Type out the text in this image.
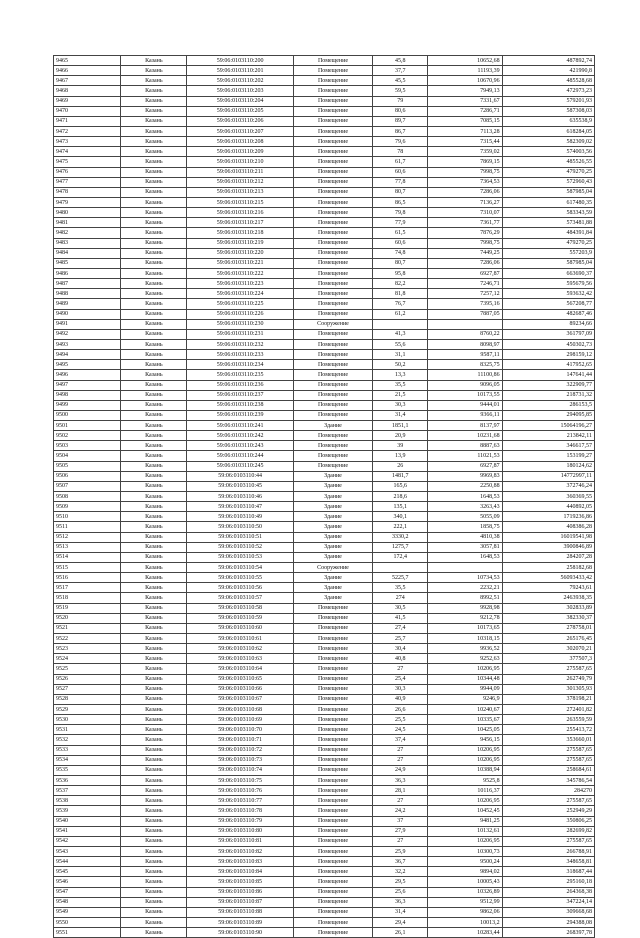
9465	Казань	59:06:0103110:200	Помещение	45,8	10652,68	487892,74
9466	Казань	59:06:0103110:201	Помещение	37,7	11193,39	421990,8
9467	Казань	59:06:0103110:202	Помещение	45,5	10670,96	485528,68
9468	Казань	59:06:0103110:203	Помещение	59,5	7949,13	472973,23
9469	Казань	59:06:0103110:204	Помещение	79	7331,67	579201,93
9470	Казань	59:06:0103110:205	Помещение	80,6	7286,71	587308,03
9471	Казань	59:06:0103110:206	Помещение	89,7	7085,15	635538,9
9472	Казань	59:06:0103110:207	Помещение	86,7	7113,28	618284,05
9473	Казань	59:06:0103110:208	Помещение	79,6	7315,44	582309,02
9474	Казань	59:06:0103110:209	Помещение	78	7359,02	574003,56
9475	Казань	59:06:0103110:210	Помещение	61,7	7869,15	485526,55
9476	Казань	59:06:0103110:211	Помещение	60,6	7998,75	479270,25
9477	Казань	59:06:0103110:212	Помещение	77,8	7364,53	572960,43
9478	Казань	59:06:0103110:213	Помещение	80,7	7286,06	587985,04
9479	Казань	59:06:0103110:215	Помещение	86,5	7136,27	617480,35
9480	Казань	59:06:0103110:216	Помещение	79,8	7310,07	583343,59
9481	Казань	59:06:0103110:217	Помещение	77,9	7361,77	573481,88
9482	Казань	59:06:0103110:218	Помещение	61,5	7876,29	484391,84
9483	Казань	59:06:0103110:219	Помещение	60,6	7998,75	479270,25
9484	Казань	59:06:0103110:220	Помещение	74,8	7449,25	557203,9
9485	Казань	59:06:0103110:221	Помещение	80,7	7286,06	587985,04
9486	Казань	59:06:0103110:222	Помещение	95,8	6927,87	663690,37
9487	Казань	59:06:0103110:223	Помещение	82,2	7246,71	595679,56
9488	Казань	59:06:0103110:224	Помещение	81,8	7257,12	593632,42
9489	Казань	59:06:0103110:225	Помещение	76,7	7395,16	567208,77
9490	Казань	59:06:0103110:226	Помещение	61,2	7887,05	482687,46
9491	Казань	59:06:0103110:230	Сооружение			89234,66
9492	Казань	59:06:0103110:231	Помещение	41,3	8760,22	361797,09
9493	Казань	59:06:0103110:232	Помещение	55,6	8098,97	450302,73
9494	Казань	59:06:0103110:233	Помещение	31,1	9587,11	298159,12
9495	Казань	59:06:0103110:234	Помещение	50,2	8325,75	417952,65
9496	Казань	59:06:0103110:235	Помещение	13,3	11100,86	147641,44
9497	Казань	59:06:0103110:236	Помещение	35,5	9096,05	322909,77
9498	Казань	59:06:0103110:237	Помещение	21,5	10173,55	218731,32
9499	Казань	59:06:0103110:238	Помещение	30,3	9444,01	286153,5
9500	Казань	59:06:0103110:239	Помещение	31,4	9366,11	294095,85
9501	Казань	59:06:0103110:241	Здание	1851,1	8137,97	15064196,27
9502	Казань	59:06:0103110:242	Помещение	20,9	10231,68	213842,11
9503	Казань	59:06:0103110:243	Помещение	39	8887,63	346617,57
9504	Казань	59:06:0103110:244	Помещение	13,9	11021,53	153199,27
9505	Казань	59:06:0103110:245	Помещение	26	6927,87	180124,62
9506	Казань	59:06:0103110:44	Здание	1481,7	9969,83	14772997,11
9507	Казань	59:06:0103110:45	Здание	165,6	2250,88	372746,24
9508	Казань	59:06:0103110:46	Здание	218,6	1648,53	360369,55
9509	Казань	59:06:0103110:47	Здание	135,1	3263,43	440892,05
9510	Казань	59:06:0103110:49	Здание	340,1	5055,09	1719236,86
9511	Казань	59:06:0103110:50	Здание	222,1	1858,75	408386,28
9512	Казань	59:06:0103110:51	Здание	3330,2	4810,38	16019541,98
9513	Казань	59:06:0103110:52	Здание	1275,7	3057,81	3900846,89
9514	Казань	59:06:0103110:53	Здание	172,4	1648,53	284207,28
9515	Казань	59:06:0103110:54	Сооружение			258182,68
9516	Казань	59:06:0103110:55	Здание	5225,7	10734,53	56093433,42
9517	Казань	59:06:0103110:56	Здание	35,5	2232,21	79243,61
9518	Казань	59:06:0103110:57	Здание	274	8992,51	2463938,35
9519	Казань	59:06:0103110:58	Помещение	30,5	9928,98	302833,89
9520	Казань	59:06:0103110:59	Помещение	41,5	9212,78	382330,37
9521	Казань	59:06:0103110:60	Помещение	27,4	10173,65	278758,01
9522	Казань	59:06:0103110:61	Помещение	25,7	10318,15	265176,45
9523	Казань	59:06:0103110:62	Помещение	30,4	9936,52	302070,21
9524	Казань	59:06:0103110:63	Помещение	40,8	9252,63	377507,3
9525	Казань	59:06:0103110:64	Помещение	27	10206,95	275587,65
9526	Казань	59:06:0103110:65	Помещение	25,4	10344,48	262749,79
9527	Казань	59:06:0103110:66	Помещение	30,3	9944,09	301305,93
9528	Казань	59:06:0103110:67	Помещение	40,9	9246,9	378198,21
9529	Казань	59:06:0103110:68	Помещение	26,6	10240,67	272401,82
9530	Казань	59:06:0103110:69	Помещение	25,5	10335,67	263559,59
9531	Казань	59:06:0103110:70	Помещение	24,5	10425,05	255413,72
9532	Казань	59:06:0103110:71	Помещение	37,4	9456,15	353660,01
9533	Казань	59:06:0103110:72	Помещение	27	10206,95	275587,65
9534	Казань	59:06:0103110:73	Помещение	27	10206,95	275587,65
9535	Казань	59:06:0103110:74	Помещение	24,9	10388,94	258684,61
9536	Казань	59:06:0103110:75	Помещение	36,3	9525,8	345786,54
9537	Казань	59:06:0103110:76	Помещение	28,1	10116,37	284270
9538	Казань	59:06:0103110:77	Помещение	27	10206,95	275587,65
9539	Казань	59:06:0103110:78	Помещение	24,2	10452,45	252949,29
9540	Казань	59:06:0103110:79	Помещение	37	9481,25	350806,25
9541	Казань	59:06:0103110:80	Помещение	27,9	10132,61	282699,82
9542	Казань	59:06:0103110:81	Помещение	27	10206,95	275587,65
9543	Казань	59:06:0103110:82	Помещение	25,9	10300,73	266788,91
9544	Казань	59:06:0103110:83	Помещение	36,7	9500,24	348658,81
9545	Казань	59:06:0103110:84	Помещение	32,2	9894,02	318687,44
9546	Казань	59:06:0103110:85	Помещение	29,5	10005,43	295160,18
9547	Казань	59:06:0103110:86	Помещение	25,6	10326,89	264368,38
9548	Казань	59:06:0103110:87	Помещение	36,3	9512,99	347224,14
9549	Казань	59:06:0103110:88	Помещение	31,4	9862,06	309668,68
9550	Казань	59:06:0103110:89	Помещение	29,4	10013,2	294388,08
9551	Казань	59:06:0103110:90	Помещение	26,1	10283,44	268397,78
